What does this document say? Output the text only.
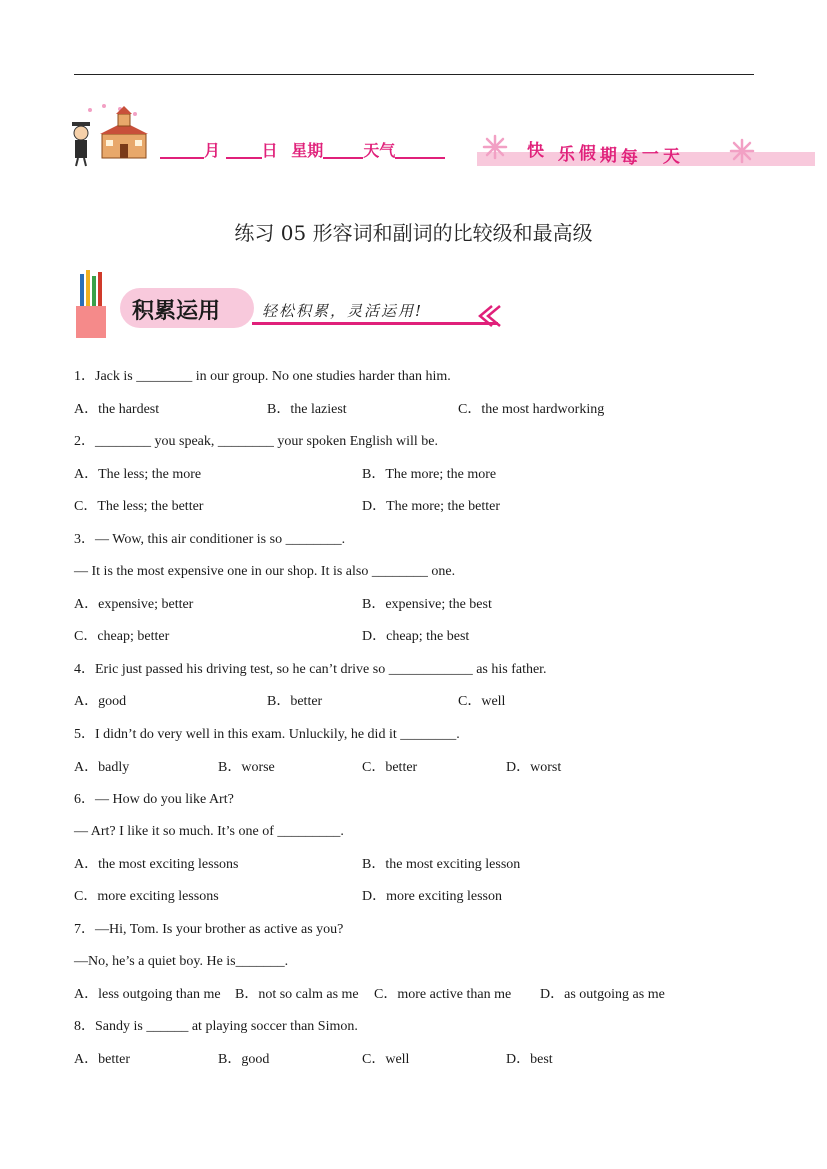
月	日 星期	天气	快 乐假期每一天
练习 05 形容词和副词的比较级和最高级
积累运用	轻松积累，灵活运用!
1．Jack is ________ in our group. No one studies harder than him.
A．the hardest	B．the laziest	C．the most hardworking
2．________ you speak, ________ your spoken English will be.
A．The less; the more	B．The more; the more
C．The less; the better	D．The more; the better
3．— Wow, this air conditioner is so ________.
— It is the most expensive one in our shop. It is also ________ one.
A．expensive; better	B．expensive; the best
C．cheap; better	D．cheap; the best
4．Eric just passed his driving test, so he can’t drive so ____________ as his father.
A．good	B．better	C．well
5．I didn’t do very well in this exam. Unluckily, he did it ________.
A．badly	B．worse	C．better	D．worst
6．— How do you like Art?
— Art? I like it so much. It’s one of _________.
A．the most exciting lessons	B．the most exciting lesson
C．more exciting lessons	D．more exciting lesson
7．—Hi, Tom. Is your brother as active as you?
—No, he’s a quiet boy. He is_______.
A．less outgoing than me B．not so calm as me C．more active than me D．as outgoing as me
8．Sandy is ______ at playing soccer than Simon.
A．better	B．good	C．well	D．best
